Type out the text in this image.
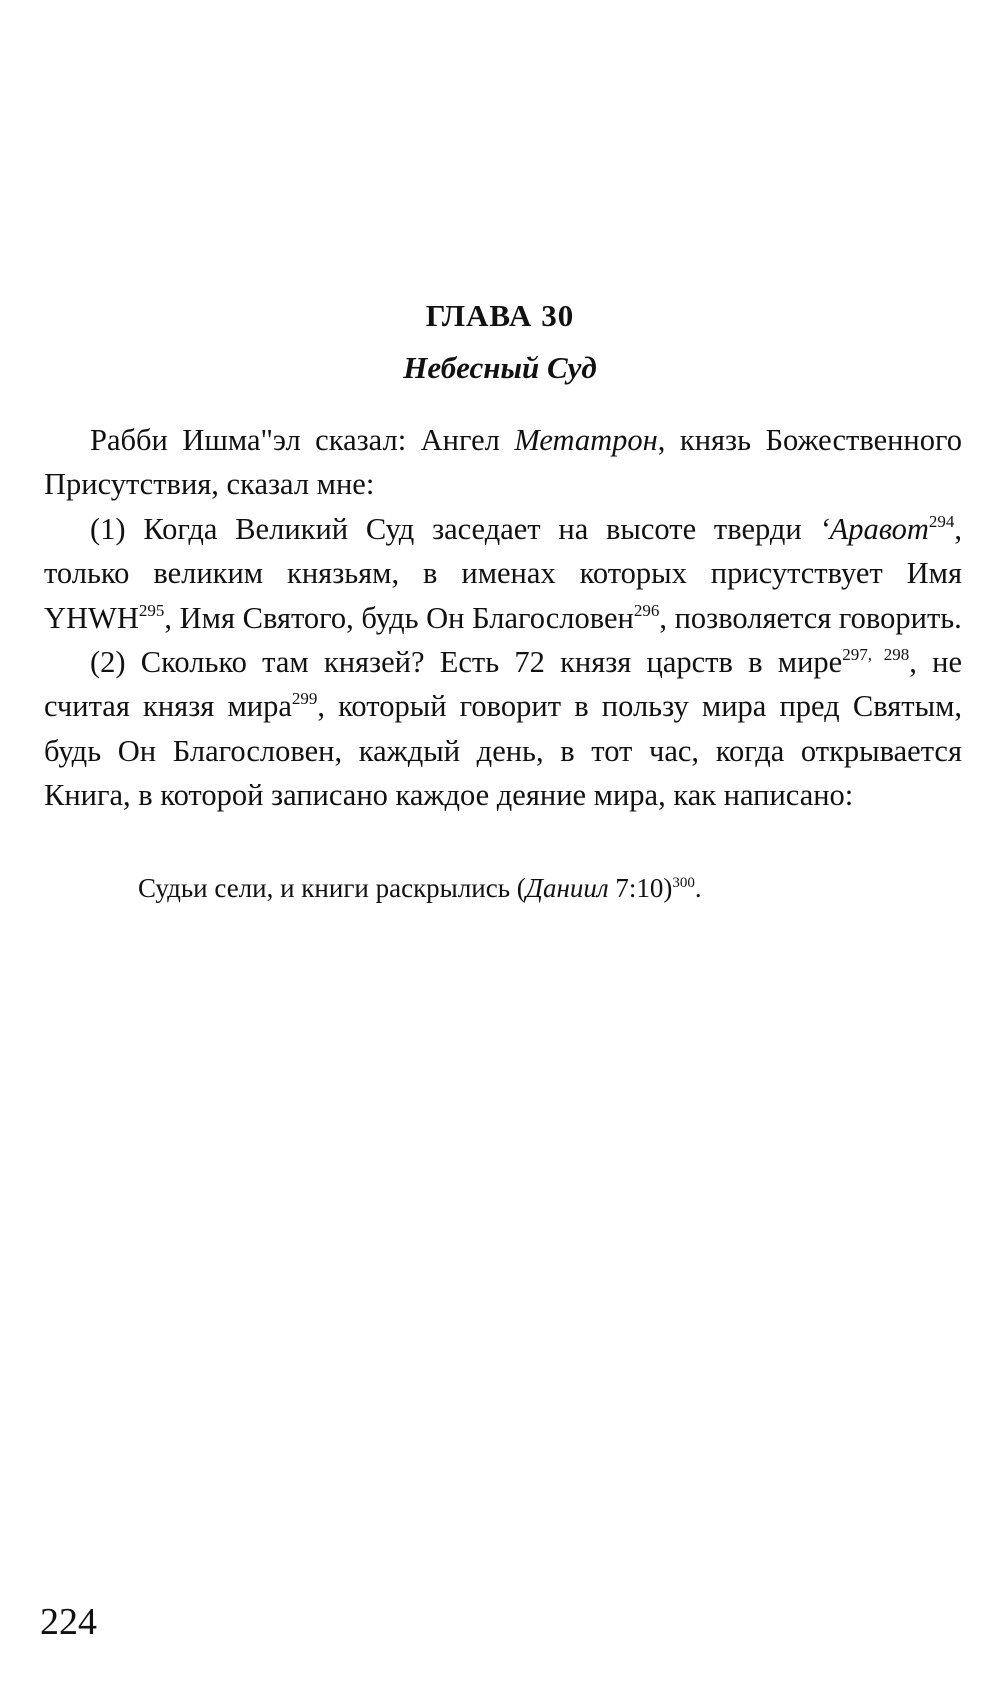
ГЛАВА 30
Небесный Суд

Рабби Ишма"эл сказал: Ангел Метатрон, князь Божественного Присутствия, сказал мне:

(1) Когда Великий Суд заседает на высоте тверди ‘Аравот$^{294}$, только великим князьям, в именах которых присутствует Имя YHWH$^{295}$, Имя Святого, будь Он Благословен$^{296}$, позволяется говорить.

(2) Сколько там князей? Есть 72 князя царств в мире$^{297, 298}$, не считая князя мира$^{299}$, который говорит в пользу мира пред Святым, будь Он Благословен, каждый день, в тот час, когда открывается Книга, в которой записано каждое деяние мира, как написано:

Судьи сели, и книги раскрылись (Даниил 7:10)$^{300}$.

224
